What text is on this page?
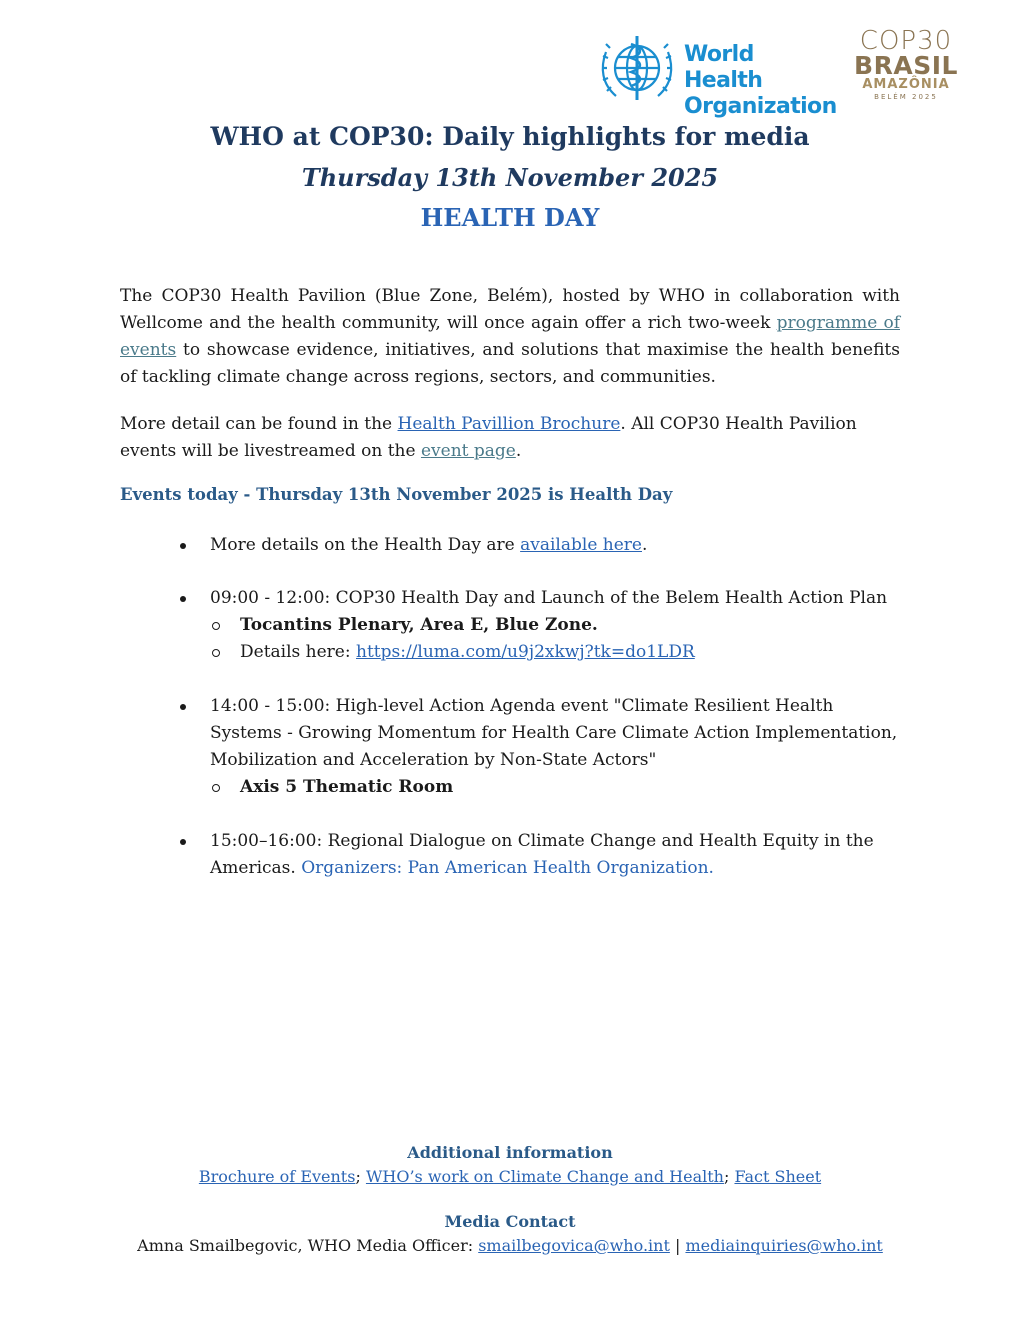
World Health
Organization
COP30
BRASIL
AMAZÔNIA
BELÉM 2025
WHO at COP30: Daily highlights for media
Thursday 13th November 2025
HEALTH DAY
The COP30 Health Pavilion (Blue Zone, Belém), hosted by WHO in collaboration with Wellcome and the health community, will once again offer a rich two-week programme of events to showcase evidence, initiatives, and solutions that maximise the health benefits of tackling climate change across regions, sectors, and communities.
More detail can be found in the Health Pavillion Brochure. All COP30 Health Pavilion events will be livestreamed on the event page.
Events today - Thursday 13th November 2025 is Health Day
More details on the Health Day are available here.
09:00 - 12:00: COP30 Health Day and Launch of the Belem Health Action Plan
Tocantins Plenary, Area E, Blue Zone.
Details here: https://luma.com/u9j2xkwj?tk=do1LDR
14:00 - 15:00: High-level Action Agenda event "Climate Resilient Health Systems - Growing Momentum for Health Care Climate Action Implementation, Mobilization and Acceleration by Non-State Actors"
Axis 5 Thematic Room
15:00–16:00: Regional Dialogue on Climate Change and Health Equity in the Americas. Organizers: Pan American Health Organization.
Additional information
Brochure of Events; WHO’s work on Climate Change and Health; Fact Sheet
Media Contact
Amna Smailbegovic, WHO Media Officer: smailbegovica@who.int | mediainquiries@who.int
